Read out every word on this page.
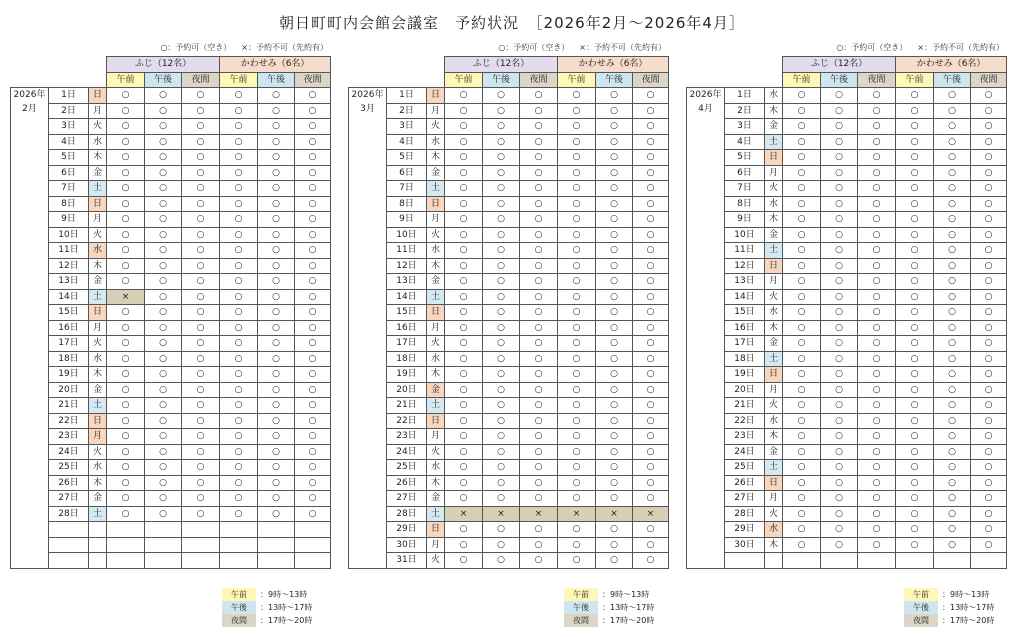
朝日町町内会館会議室　予約状況　［2026年2月～2026年4月］
○：予約可（空き） ×：予約不可（先約有）
			ふじ（12名）			かわせみ（6名）		
			午前	午後	夜間	午前	午後	夜間

2026年
2月	1日	日	○	○	○	○	○	○
	2日	月	○	○	○	○	○	○
	3日	火	○	○	○	○	○	○
	4日	水	○	○	○	○	○	○
	5日	木	○	○	○	○	○	○
	6日	金	○	○	○	○	○	○
	7日	土	○	○	○	○	○	○
	8日	日	○	○	○	○	○	○
	9日	月	○	○	○	○	○	○
	10日	火	○	○	○	○	○	○
	11日	水	○	○	○	○	○	○
	12日	木	○	○	○	○	○	○
	13日	金	○	○	○	○	○	○
	14日	土	×	○	○	○	○	○
	15日	日	○	○	○	○	○	○
	16日	月	○	○	○	○	○	○
	17日	火	○	○	○	○	○	○
	18日	水	○	○	○	○	○	○
	19日	木	○	○	○	○	○	○
	20日	金	○	○	○	○	○	○
	21日	土	○	○	○	○	○	○
	22日	日	○	○	○	○	○	○
	23日	月	○	○	○	○	○	○
	24日	火	○	○	○	○	○	○
	25日	水	○	○	○	○	○	○
	26日	木	○	○	○	○	○	○
	27日	金	○	○	○	○	○	○
	28日	土	○	○	○	○	○	○

○：予約可（空き） ×：予約不可（先約有）
			ふじ（12名）			かわせみ（6名）		
			午前	午後	夜間	午前	午後	夜間

2026年
3月	1日	日	○	○	○	○	○	○
	2日	月	○	○	○	○	○	○
	3日	火	○	○	○	○	○	○
	4日	水	○	○	○	○	○	○
	5日	木	○	○	○	○	○	○
	6日	金	○	○	○	○	○	○
	7日	土	○	○	○	○	○	○
	8日	日	○	○	○	○	○	○
	9日	月	○	○	○	○	○	○
	10日	火	○	○	○	○	○	○
	11日	水	○	○	○	○	○	○
	12日	木	○	○	○	○	○	○
	13日	金	○	○	○	○	○	○
	14日	土	○	○	○	○	○	○
	15日	日	○	○	○	○	○	○
	16日	月	○	○	○	○	○	○
	17日	火	○	○	○	○	○	○
	18日	水	○	○	○	○	○	○
	19日	木	○	○	○	○	○	○
	20日	金	○	○	○	○	○	○
	21日	土	○	○	○	○	○	○
	22日	日	○	○	○	○	○	○
	23日	月	○	○	○	○	○	○
	24日	火	○	○	○	○	○	○
	25日	水	○	○	○	○	○	○
	26日	木	○	○	○	○	○	○
	27日	金	○	○	○	○	○	○
	28日	土	×	×	×	×	×	×
	29日	日	○	○	○	○	○	○
	30日	月	○	○	○	○	○	○
	31日	火	○	○	○	○	○	○
○：予約可（空き） ×：予約不可（先約有）
			ふじ（12名）			かわせみ（6名）		
			午前	午後	夜間	午前	午後	夜間

2026年
4月	1日	水	○	○	○	○	○	○
	2日	木	○	○	○	○	○	○
	3日	金	○	○	○	○	○	○
	4日	土	○	○	○	○	○	○
	5日	日	○	○	○	○	○	○
	6日	月	○	○	○	○	○	○
	7日	火	○	○	○	○	○	○
	8日	水	○	○	○	○	○	○
	9日	木	○	○	○	○	○	○
	10日	金	○	○	○	○	○	○
	11日	土	○	○	○	○	○	○
	12日	日	○	○	○	○	○	○
	13日	月	○	○	○	○	○	○
	14日	火	○	○	○	○	○	○
	15日	水	○	○	○	○	○	○
	16日	木	○	○	○	○	○	○
	17日	金	○	○	○	○	○	○
	18日	土	○	○	○	○	○	○
	19日	日	○	○	○	○	○	○
	20日	月	○	○	○	○	○	○
	21日	火	○	○	○	○	○	○
	22日	水	○	○	○	○	○	○
	23日	木	○	○	○	○	○	○
	24日	金	○	○	○	○	○	○
	25日	土	○	○	○	○	○	○
	26日	日	○	○	○	○	○	○
	27日	月	○	○	○	○	○	○
	28日	火	○	○	○	○	○	○
	29日	水	○	○	○	○	○	○
	30日	木	○	○	○	○	○	○

午前 ：9時～13時
午後 ：13時～17時
夜間 ：17時～20時
午前 ：9時～13時
午後 ：13時～17時
夜間 ：17時～20時
午前 ：9時～13時
午後 ：13時～17時
夜間 ：17時～20時
